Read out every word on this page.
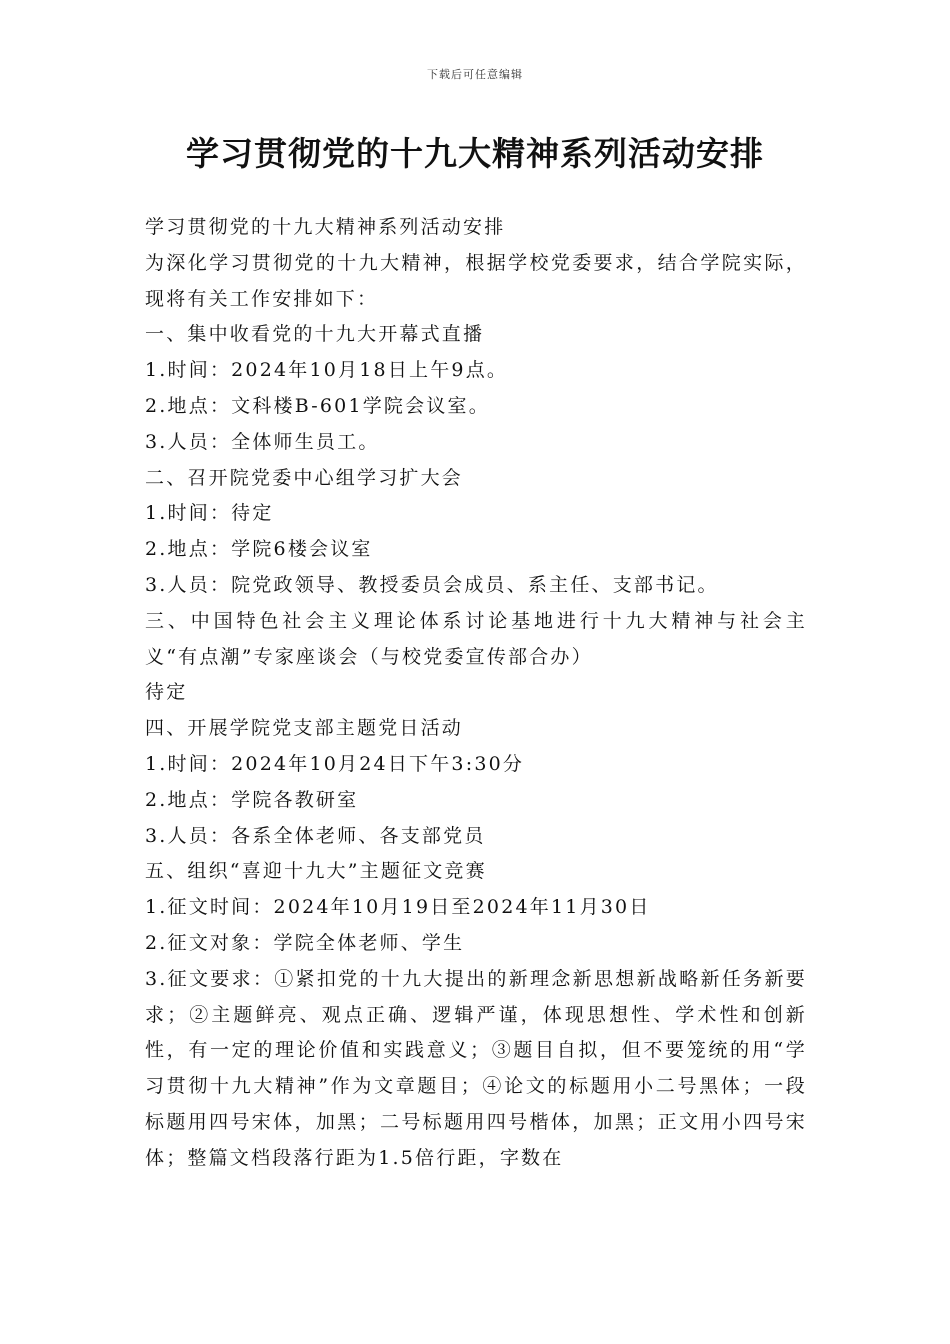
下载后可任意编辑
学习贯彻党的十九大精神系列活动安排

学习贯彻党的十九大精神系列活动安排

为深化学习贯彻党的十九大精神，根据学校党委要求，结合学院实际，现将有关工作安排如下：

一、集中收看党的十九大开幕式直播

1.时间：2024年10月18日上午9点。

2.地点：文科楼B-601学院会议室。

3.人员：全体师生员工。

二、召开院党委中心组学习扩大会

1.时间：待定

2.地点：学院6楼会议室

3.人员：院党政领导、教授委员会成员、系主任、支部书记。

三、中国特色社会主义理论体系讨论基地进行十九大精神与社会主义“有点潮”专家座谈会（与校党委宣传部合办）

待定

四、开展学院党支部主题党日活动

1.时间：2024年10月24日下午3:30分

2.地点：学院各教研室

3.人员：各系全体老师、各支部党员

五、组织“喜迎十九大”主题征文竞赛

1.征文时间：2024年10月19日至2024年11月30日

2.征文对象：学院全体老师、学生

3.征文要求：①紧扣党的十九大提出的新理念新思想新战略新任务新要求；②主题鲜亮、观点正确、逻辑严谨，体现思想性、学术性和创新性，有一定的理论价值和实践意义；③题目自拟，但不要笼统的用“学习贯彻十九大精神”作为文章题目；④论文的标题用小二号黑体；一段标题用四号宋体，加黑；二号标题用四号楷体，加黑；正文用小四号宋体；整篇文档段落行距为1.5倍行距，字数在
